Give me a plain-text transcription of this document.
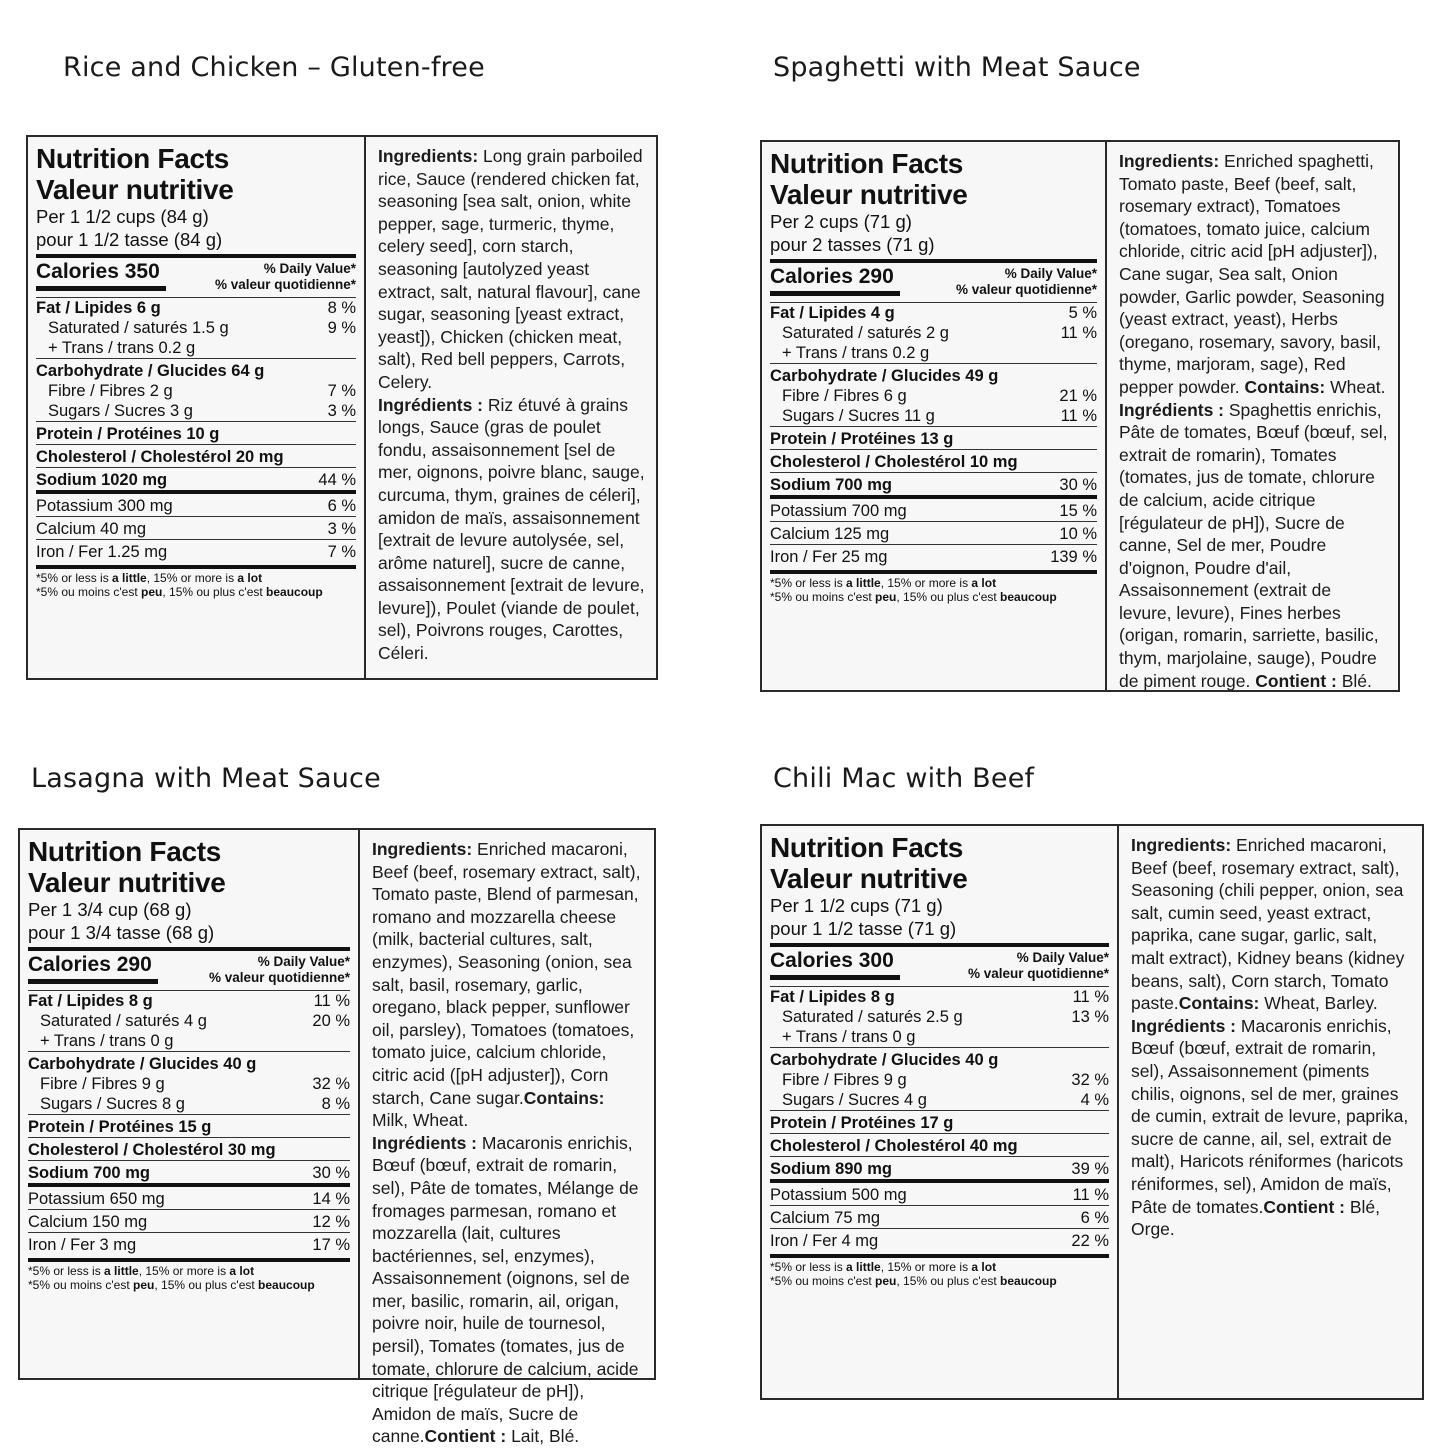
Rice and Chicken – Gluten-free	Spaghetti with Meat Sauce
Lasagna with Meat Sauce	Chili Mac with Beef
Nutrition Facts
Valeur nutritive
Per 1 1/2 cups (84 g)
pour 1 1/2 tasse (84 g)
Calories 350	% Daily Value*
% valeur quotidienne*
Fat / Lipides 6 g	8 %
Saturated / saturés 1.5 g	9 %
+ Trans / trans 0.2 g
Carbohydrate / Glucides 64 g
Fibre / Fibres 2 g	7 %
Sugars / Sucres 3 g	3 %
Protein / Protéines 10 g
Cholesterol / Cholestérol 20 mg
Sodium 1020 mg	44 %
Potassium 300 mg	6 %
Calcium 40 mg	3 %
Iron / Fer 1.25 mg	7 %
*5% or less is a little, 15% or more is a lot
*5% ou moins c'est peu, 15% ou plus c'est beaucoup

Ingredients: Long grain parboiled rice, Sauce (rendered chicken fat, seasoning [sea salt, onion, white pepper, sage, turmeric, thyme, celery seed], corn starch, seasoning [autolyzed yeast extract, salt, natural flavour], cane sugar, seasoning [yeast extract, yeast]), Chicken (chicken meat, salt), Red bell peppers, Carrots, Celery.

Ingrédients : Riz étuvé à grains longs, Sauce (gras de poulet fondu, assaisonnement [sel de mer, oignons, poivre blanc, sauge, curcuma, thym, graines de céleri], amidon de maïs, assaisonnement [extrait de levure autolysée, sel, arôme naturel], sucre de canne, assaisonnement [extrait de levure, levure]), Poulet (viande de poulet, sel), Poivrons rouges, Carottes, Céleri.

Nutrition Facts
Valeur nutritive
Per 2 cups (71 g)
pour 2 tasses (71 g)
Calories 290	% Daily Value*
% valeur quotidienne*
Fat / Lipides 4 g	5 %
Saturated / saturés 2 g	11 %
+ Trans / trans 0.2 g
Carbohydrate / Glucides 49 g
Fibre / Fibres 6 g	21 %
Sugars / Sucres 11 g	11 %
Protein / Protéines 13 g
Cholesterol / Cholestérol 10 mg
Sodium 700 mg	30 %
Potassium 700 mg	15 %
Calcium 125 mg	10 %
Iron / Fer 25 mg	139 %
*5% or less is a little, 15% or more is a lot
*5% ou moins c'est peu, 15% ou plus c'est beaucoup

Ingredients: Enriched spaghetti, Tomato paste, Beef (beef, salt, rosemary extract), Tomatoes (tomatoes, tomato juice, calcium chloride, citric acid [pH adjuster]), Cane sugar, Sea salt, Onion powder, Garlic powder, Seasoning (yeast extract, yeast), Herbs (oregano, rosemary, savory, basil, thyme, marjoram, sage), Red pepper powder. Contains: Wheat.

Ingrédients : Spaghettis enrichis, Pâte de tomates, Bœuf (bœuf, sel, extrait de romarin), Tomates (tomates, jus de tomate, chlorure de calcium, acide citrique [régulateur de pH]), Sucre de canne, Sel de mer, Poudre d'oignon, Poudre d'ail, Assaisonnement (extrait de levure, levure), Fines herbes (origan, romarin, sarriette, basilic, thym, marjolaine, sauge), Poudre de piment rouge. Contient : Blé.

Nutrition Facts
Valeur nutritive
Per 1 3/4 cup (68 g)
pour 1 3/4 tasse (68 g)
Calories 290	% Daily Value*
% valeur quotidienne*
Fat / Lipides 8 g	11 %
Saturated / saturés 4 g	20 %
+ Trans / trans 0 g
Carbohydrate / Glucides 40 g
Fibre / Fibres 9 g	32 %
Sugars / Sucres 8 g	8 %
Protein / Protéines 15 g
Cholesterol / Cholestérol 30 mg
Sodium 700 mg	30 %
Potassium 650 mg	14 %
Calcium 150 mg	12 %
Iron / Fer 3 mg	17 %
*5% or less is a little, 15% or more is a lot
*5% ou moins c'est peu, 15% ou plus c'est beaucoup

Ingredients: Enriched macaroni, Beef (beef, rosemary extract, salt), Tomato paste, Blend of parmesan, romano and mozzarella cheese (milk, bacterial cultures, salt, enzymes), Seasoning (onion, sea salt, basil, rosemary, garlic, oregano, black pepper, sunflower oil, parsley), Tomatoes (tomatoes, tomato juice, calcium chloride, citric acid ([pH adjuster]), Corn starch, Cane sugar.Contains: Milk, Wheat.

Ingrédients : Macaronis enrichis, Bœuf (bœuf, extrait de romarin, sel), Pâte de tomates, Mélange de fromages parmesan, romano et mozzarella (lait, cultures bactériennes, sel, enzymes), Assaisonnement (oignons, sel de mer, basilic, romarin, ail, origan, poivre noir, huile de tournesol, persil), Tomates (tomates, jus de tomate, chlorure de calcium, acide citrique [régulateur de pH]), Amidon de maïs, Sucre de canne.Contient : Lait, Blé.

Nutrition Facts
Valeur nutritive
Per 1 1/2 cups (71 g)
pour 1 1/2 tasse (71 g)
Calories 300	% Daily Value*
% valeur quotidienne*
Fat / Lipides 8 g	11 %
Saturated / saturés 2.5 g	13 %
+ Trans / trans 0 g
Carbohydrate / Glucides 40 g
Fibre / Fibres 9 g	32 %
Sugars / Sucres 4 g	4 %
Protein / Protéines 17 g
Cholesterol / Cholestérol 40 mg
Sodium 890 mg	39 %
Potassium 500 mg	11 %
Calcium 75 mg	6 %
Iron / Fer 4 mg	22 %
*5% or less is a little, 15% or more is a lot
*5% ou moins c'est peu, 15% ou plus c'est beaucoup

Ingredients: Enriched macaroni, Beef (beef, rosemary extract, salt), Seasoning (chili pepper, onion, sea salt, cumin seed, yeast extract, paprika, cane sugar, garlic, salt, malt extract), Kidney beans (kidney beans, salt), Corn starch, Tomato paste.Contains: Wheat, Barley.

Ingrédients : Macaronis enrichis, Bœuf (bœuf, extrait de romarin, sel), Assaisonnement (piments chilis, oignons, sel de mer, graines de cumin, extrait de levure, paprika, sucre de canne, ail, sel, extrait de malt), Haricots réniformes (haricots réniformes, sel), Amidon de maïs, Pâte de tomates.Contient : Blé, Orge.
